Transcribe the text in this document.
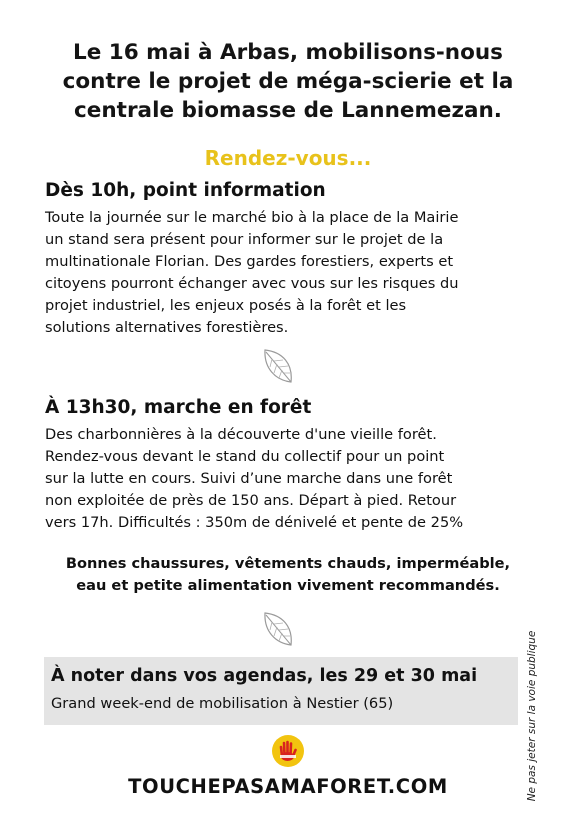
Le 16 mai à Arbas, mobilisons-nous
contre le projet de méga-scierie et la
centrale biomasse de Lannemezan.
Rendez-vous...
Dès 10h, point information
Toute la journée sur le marché bio à la place de la Mairie
un stand sera présent pour informer sur le projet de la
multinationale Florian. Des gardes forestiers, experts et
citoyens pourront échanger avec vous sur les risques du
projet industriel, les enjeux posés à la forêt et les
solutions alternatives forestières.
À 13h30, marche en forêt
Des charbonnières à la découverte d'une vieille forêt.
Rendez-vous devant le stand du collectif pour un point
sur la lutte en cours. Suivi d’une marche dans une forêt
non exploitée de près de 150 ans. Départ à pied. Retour
vers 17h. Difficultés : 350m de dénivelé et pente de 25%
Bonnes chaussures, vêtements chauds, imperméable,
eau et petite alimentation vivement recommandés.
À noter dans vos agendas, les 29 et 30 mai
Grand week-end de mobilisation à Nestier (65)	Ne pas jeter sur la voie publique
TOUCHEPASAMAFORET.COM
